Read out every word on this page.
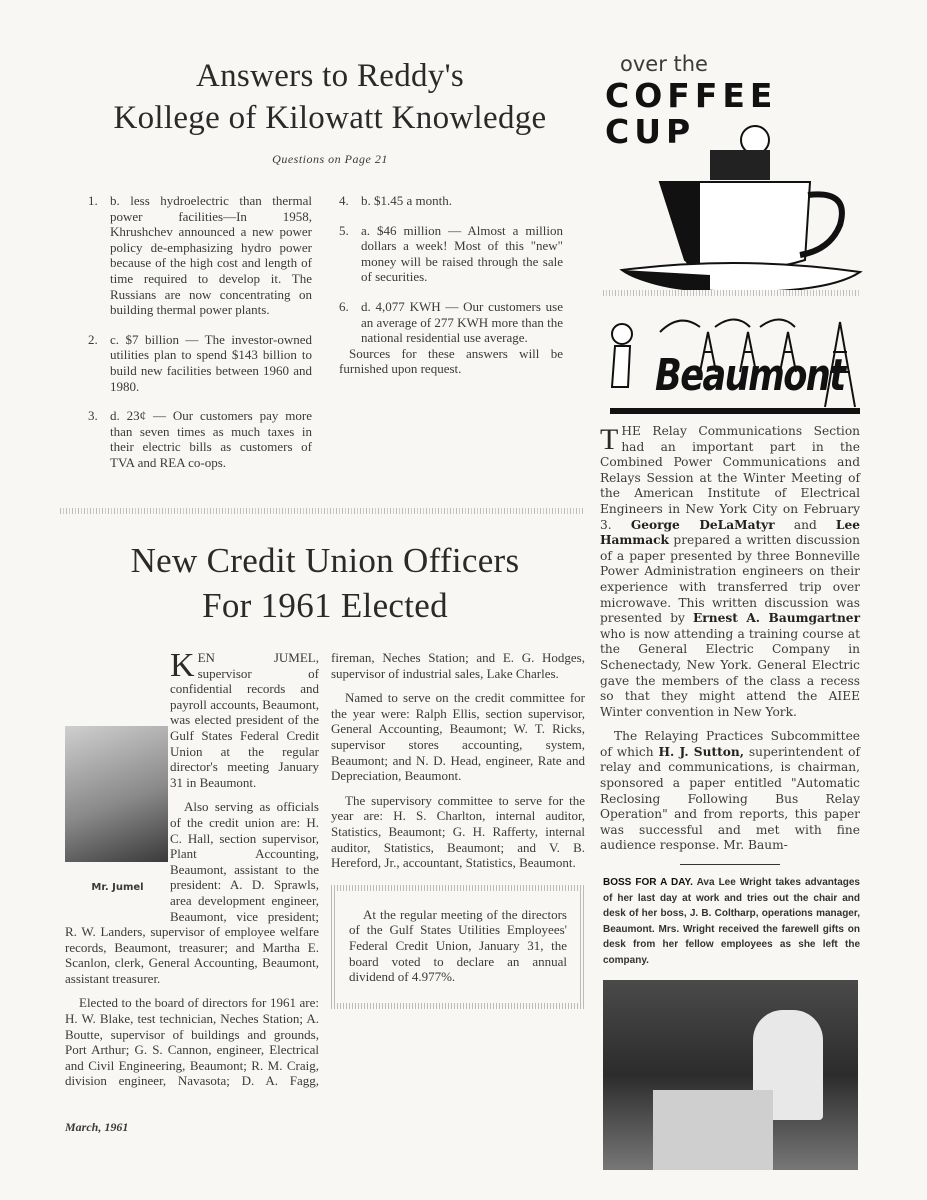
Answers to Reddy's
Kollege of Kilowatt Knowledge
Questions on Page 21
1. b. less hydroelectric than thermal power facilities—In 1958, Khrushchev announced a new power policy de-emphasizing hydro power because of the high cost and length of time required to develop it. The Russians are now concentrating on building thermal power plants.
2. c. $7 billion — The investor-owned utilities plan to spend $143 billion to build new facilities between 1960 and 1980.
3. d. 23¢ — Our customers pay more than seven times as much taxes in their electric bills as customers of TVA and REA co-ops.
4. b. $1.45 a month.
5. a. $46 million — Almost a million dollars a week! Most of this "new" money will be raised through the sale of securities.
6. d. 4,077 KWH — Our customers use an average of 277 KWH more than the national residential use average.

Sources for these answers will be furnished upon request.

New Credit Union Officers
For 1961 Elected
Mr. Jumel

KEN JUMEL, supervisor of confidential records and payroll accounts, Beaumont, was elected president of the Gulf States Federal Credit Union at the regular director's meeting January 31 in Beaumont.

Also serving as officials of the credit union are: H. C. Hall, section supervisor, Plant Accounting, Beaumont, assistant to the president: A. D. Sprawls, area development engineer, Beaumont, vice president; R. W. Landers, supervisor of employee welfare records, Beaumont, treasurer; and Martha E. Scanlon, clerk, General Accounting, Beaumont, assistant treasurer.

Elected to the board of directors for 1961 are: H. W. Blake, test technician, Neches Station; A. Boutte, supervisor of buildings and grounds, Port Arthur; G. S. Cannon, engineer, Electrical and Civil Engineering, Beaumont; R. M. Craig, division engineer, Navasota; D. A. Fagg, fireman, Neches Station; and E. G. Hodges, supervisor of industrial sales, Lake Charles.

Named to serve on the credit committee for the year were: Ralph Ellis, section supervisor, General Accounting, Beaumont; W. T. Ricks, supervisor stores accounting, system, Beaumont; and N. D. Head, engineer, Rate and Depreciation, Beaumont.

The supervisory committee to serve for the year are: H. S. Charlton, internal auditor, Statistics, Beaumont; G. H. Rafferty, internal auditor, Statistics, Beaumont; and V. B. Hereford, Jr., accountant, Statistics, Beaumont.

At the regular meeting of the directors of the Gulf States Utilities Employees' Federal Credit Union, January 31, the board voted to declare an annual dividend of 4.977%.

March, 1961
over the
COFFEE
CUP
Beaumont

THE Relay Communications Section had an important part in the Combined Power Communications and Relays Session at the Winter Meeting of the American Institute of Electrical Engineers in New York City on February 3. George DeLaMatyr and Lee Hammack prepared a written discussion of a paper presented by three Bonneville Power Administration engineers on their experience with transferred trip over microwave. This written discussion was presented by Ernest A. Baumgartner who is now attending a training course at the General Electric Company in Schenectady, New York. General Electric gave the members of the class a recess so that they might attend the AIEE Winter convention in New York.

The Relaying Practices Subcommittee of which H. J. Sutton, superintendent of relay and communications, is chairman, sponsored a paper entitled "Automatic Reclosing Following Bus Relay Operation" and from reports, this paper was successful and met with fine audience response. Mr. Baum-

BOSS FOR A DAY. Ava Lee Wright takes advantages of her last day at work and tries out the chair and desk of her boss, J. B. Coltharp, operations manager, Beaumont. Mrs. Wright received the farewell gifts on desk from her fellow employees as she left the company.
